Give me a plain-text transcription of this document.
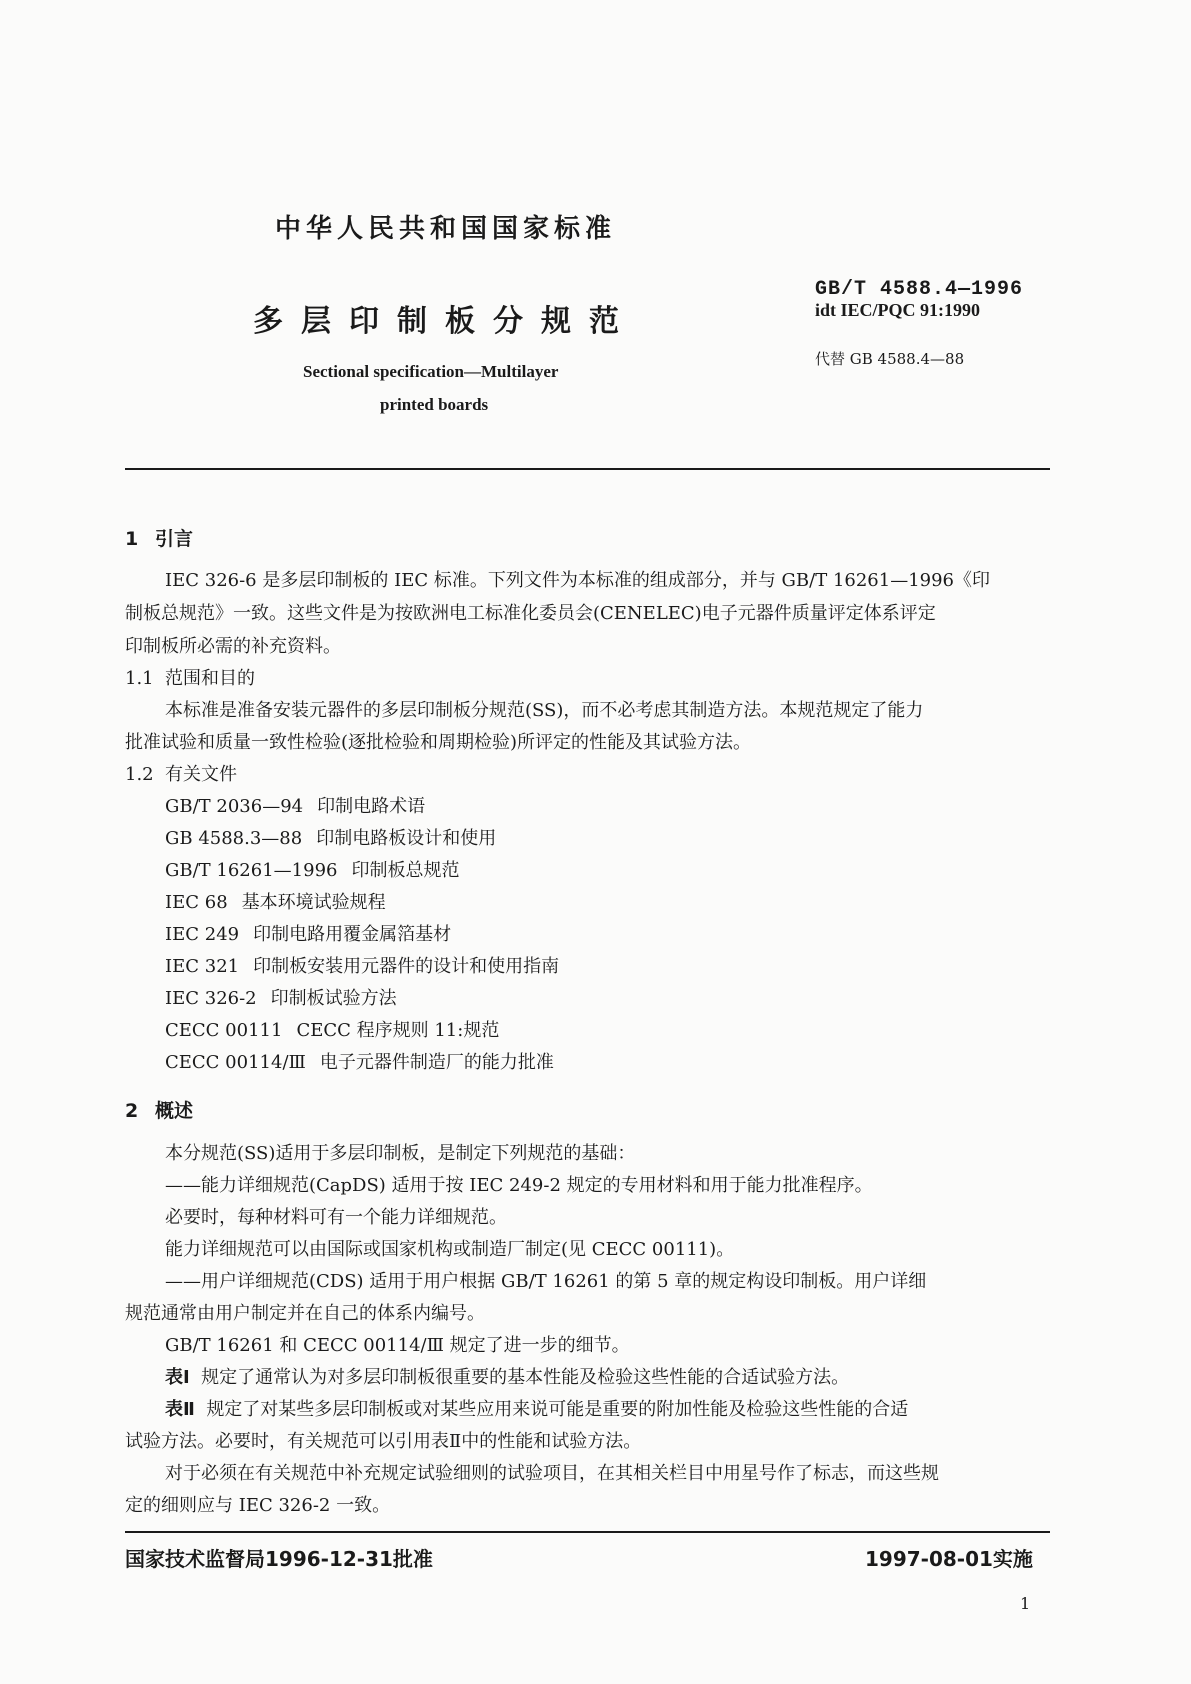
中华人民共和国国家标准
多层印制板分规范
Sectional specification—Multilayer
printed boards
GB/T 4588.4—1996
idt IEC/PQC 91:1990
代替 GB 4588.4—88
1 引言
IEC 326-6 是多层印制板的 IEC 标准。下列文件为本标准的组成部分，并与 GB/T 16261—1996《印
制板总规范》一致。这些文件是为按欧洲电工标准化委员会(CENELEC)电子元器件质量评定体系评定
印制板所必需的补充资料。
1.1 范围和目的
本标准是准备安装元器件的多层印制板分规范(SS)，而不必考虑其制造方法。本规范规定了能力
批准试验和质量一致性检验(逐批检验和周期检验)所评定的性能及其试验方法。
1.2 有关文件
GB/T 2036—94 印制电路术语
GB 4588.3—88 印制电路板设计和使用
GB/T 16261—1996 印制板总规范
IEC 68 基本环境试验规程
IEC 249 印制电路用覆金属箔基材
IEC 321 印制板安装用元器件的设计和使用指南
IEC 326-2 印制板试验方法
CECC 00111 CECC 程序规则 11:规范
CECC 00114/Ⅲ 电子元器件制造厂的能力批准
2 概述
本分规范(SS)适用于多层印制板，是制定下列规范的基础：
——能力详细规范(CapDS) 适用于按 IEC 249-2 规定的专用材料和用于能力批准程序。
必要时，每种材料可有一个能力详细规范。
能力详细规范可以由国际或国家机构或制造厂制定(见 CECC 00111)。
——用户详细规范(CDS) 适用于用户根据 GB/T 16261 的第 5 章的规定构设印制板。用户详细
规范通常由用户制定并在自己的体系内编号。
GB/T 16261 和 CECC 00114/Ⅲ 规定了进一步的细节。
表Ⅰ 规定了通常认为对多层印制板很重要的基本性能及检验这些性能的合适试验方法。
表Ⅱ 规定了对某些多层印制板或对某些应用来说可能是重要的附加性能及检验这些性能的合适
试验方法。必要时，有关规范可以引用表Ⅱ中的性能和试验方法。
对于必须在有关规范中补充规定试验细则的试验项目，在其相关栏目中用星号作了标志，而这些规
定的细则应与 IEC 326-2 一致。
国家技术监督局1996-12-31批准	1997-08-01实施
1
